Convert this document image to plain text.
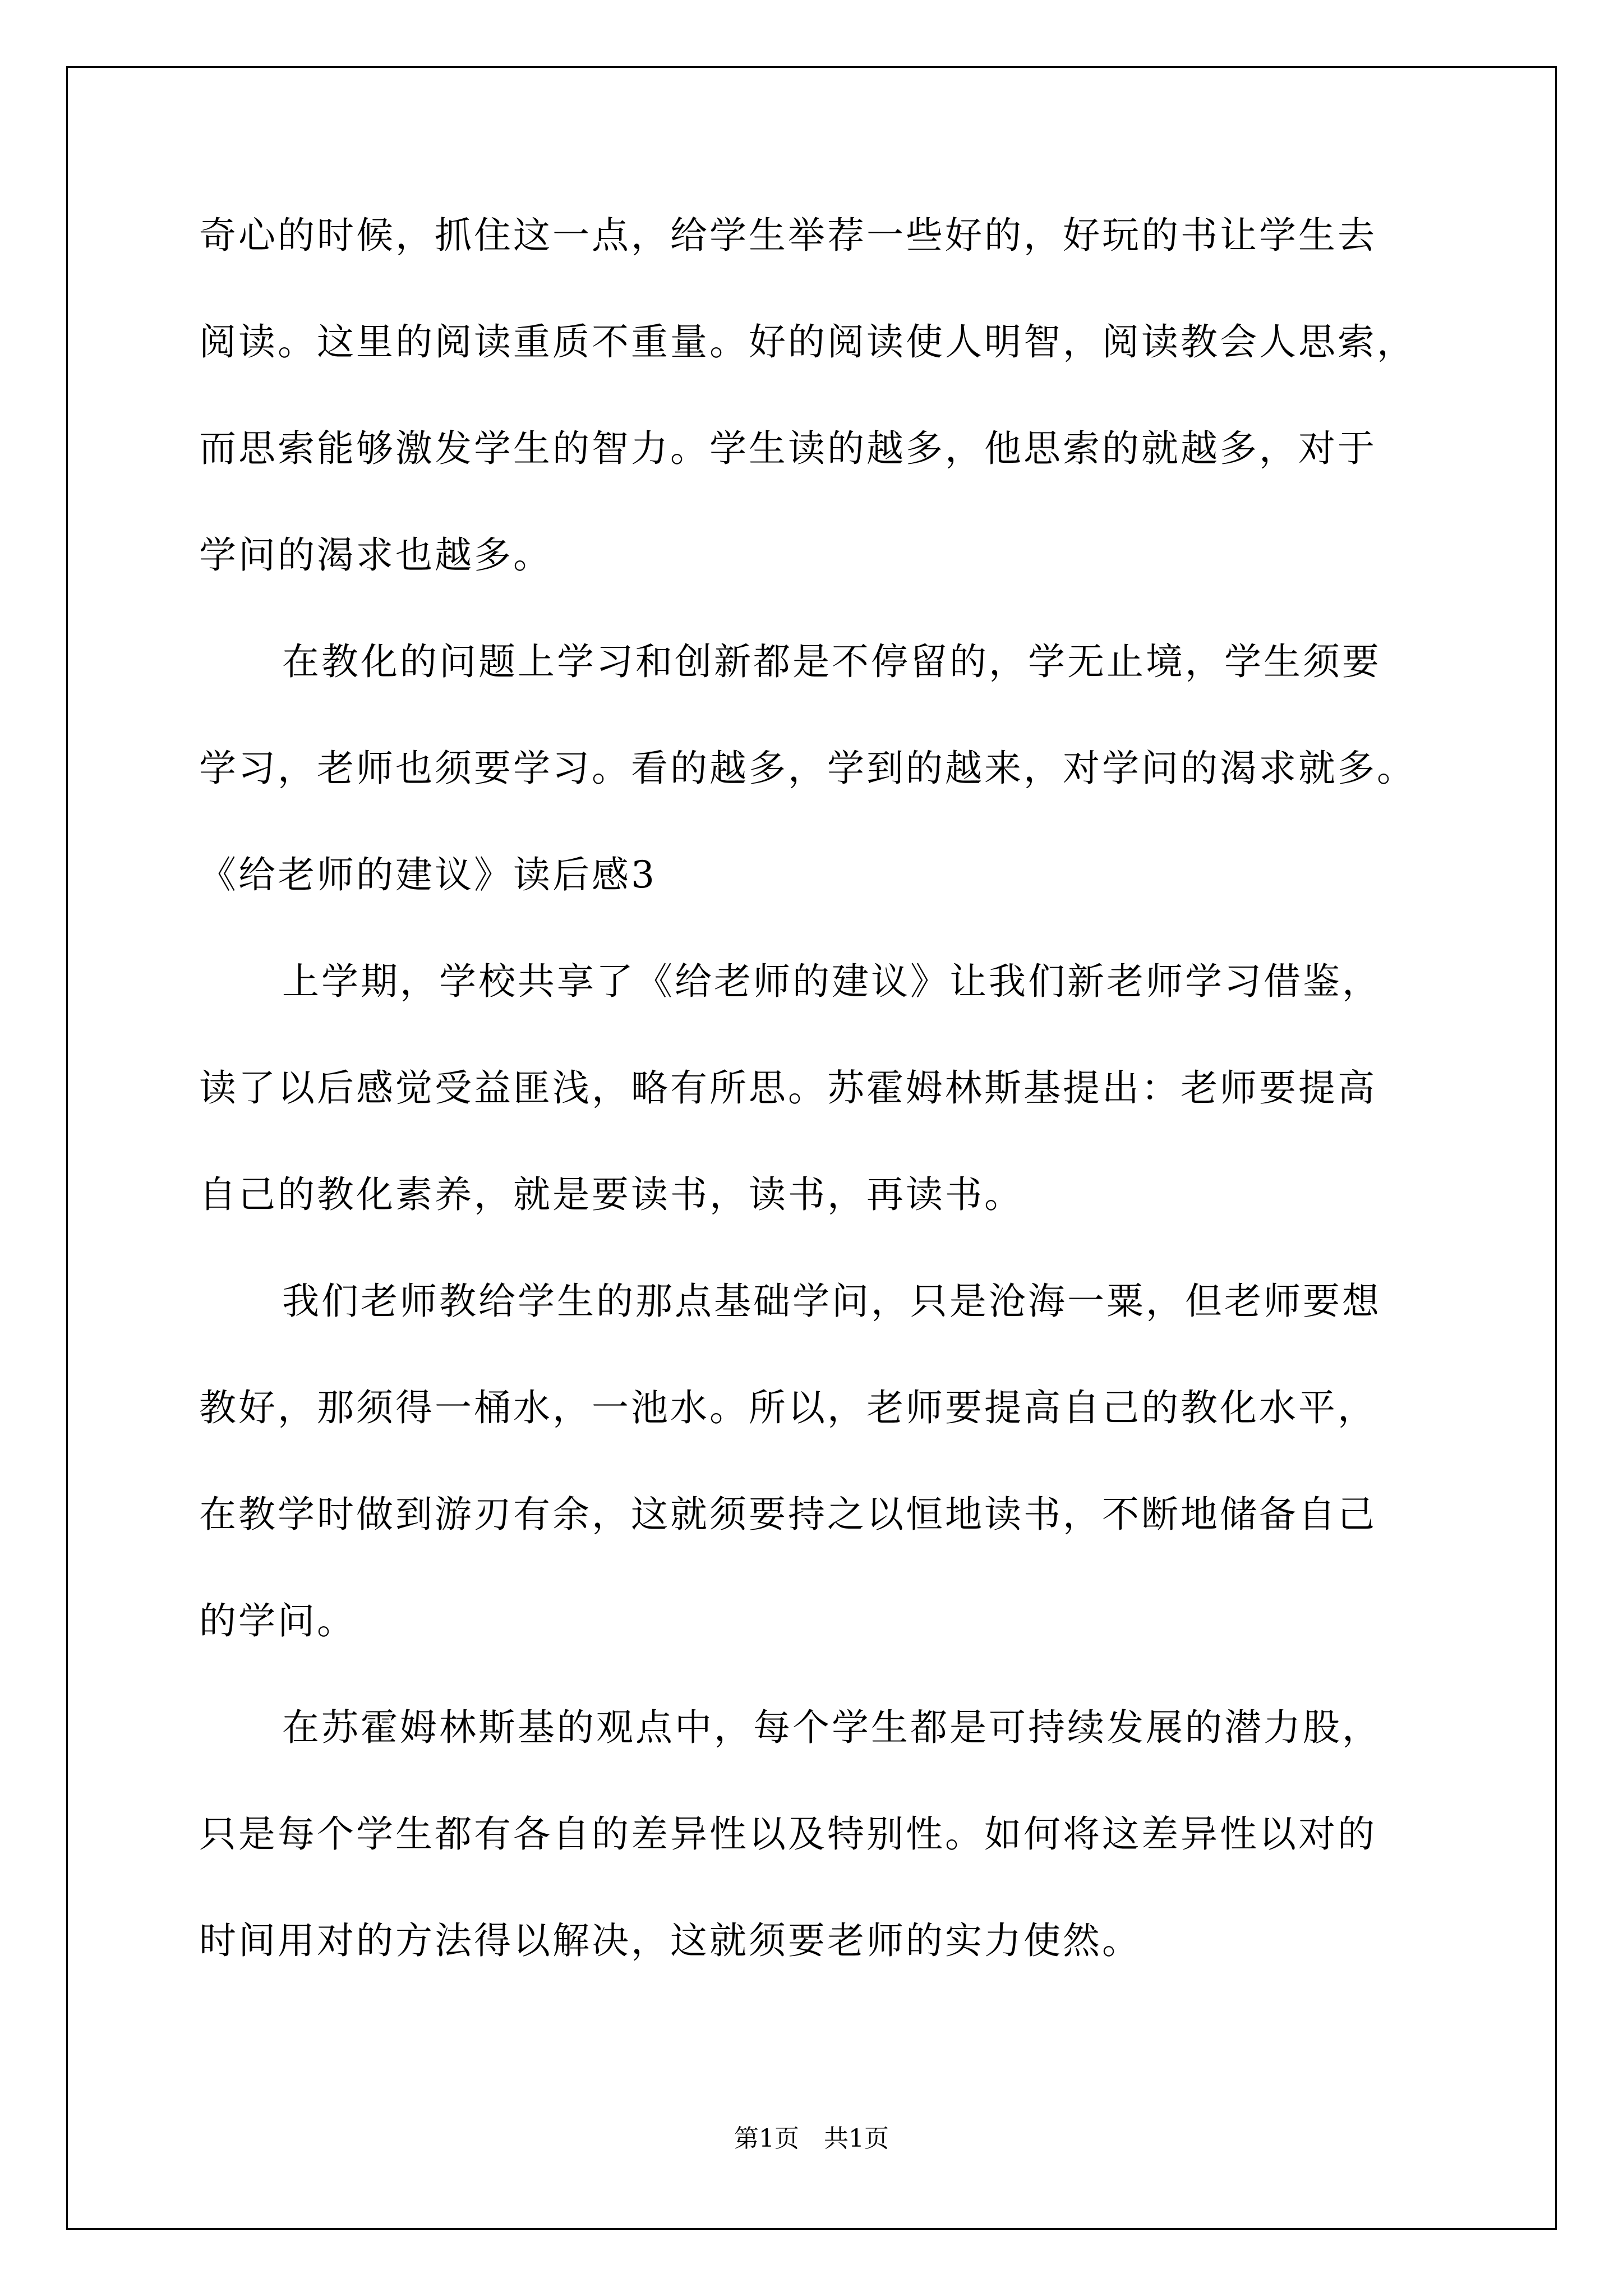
奇心的时候，抓住这一点，给学生举荐一些好的，好玩的书让学生去
阅读。这里的阅读重质不重量。好的阅读使人明智，阅读教会人思索，
而思索能够激发学生的智力。学生读的越多，他思索的就越多，对于
学问的渴求也越多。
在教化的问题上学习和创新都是不停留的，学无止境，学生须要
学习，老师也须要学习。看的越多，学到的越来，对学问的渴求就多。
《给老师的建议》读后感3
上学期，学校共享了《给老师的建议》让我们新老师学习借鉴，
读了以后感觉受益匪浅，略有所思。苏霍姆林斯基提出：老师要提高
自己的教化素养，就是要读书，读书，再读书。
我们老师教给学生的那点基础学问，只是沧海一粟，但老师要想
教好，那须得一桶水，一池水。所以，老师要提高自己的教化水平，
在教学时做到游刃有余，这就须要持之以恒地读书，不断地储备自己
的学问。
在苏霍姆林斯基的观点中，每个学生都是可持续发展的潜力股，
只是每个学生都有各自的差异性以及特别性。如何将这差异性以对的
时间用对的方法得以解决，这就须要老师的实力使然。
第1页　共1页
